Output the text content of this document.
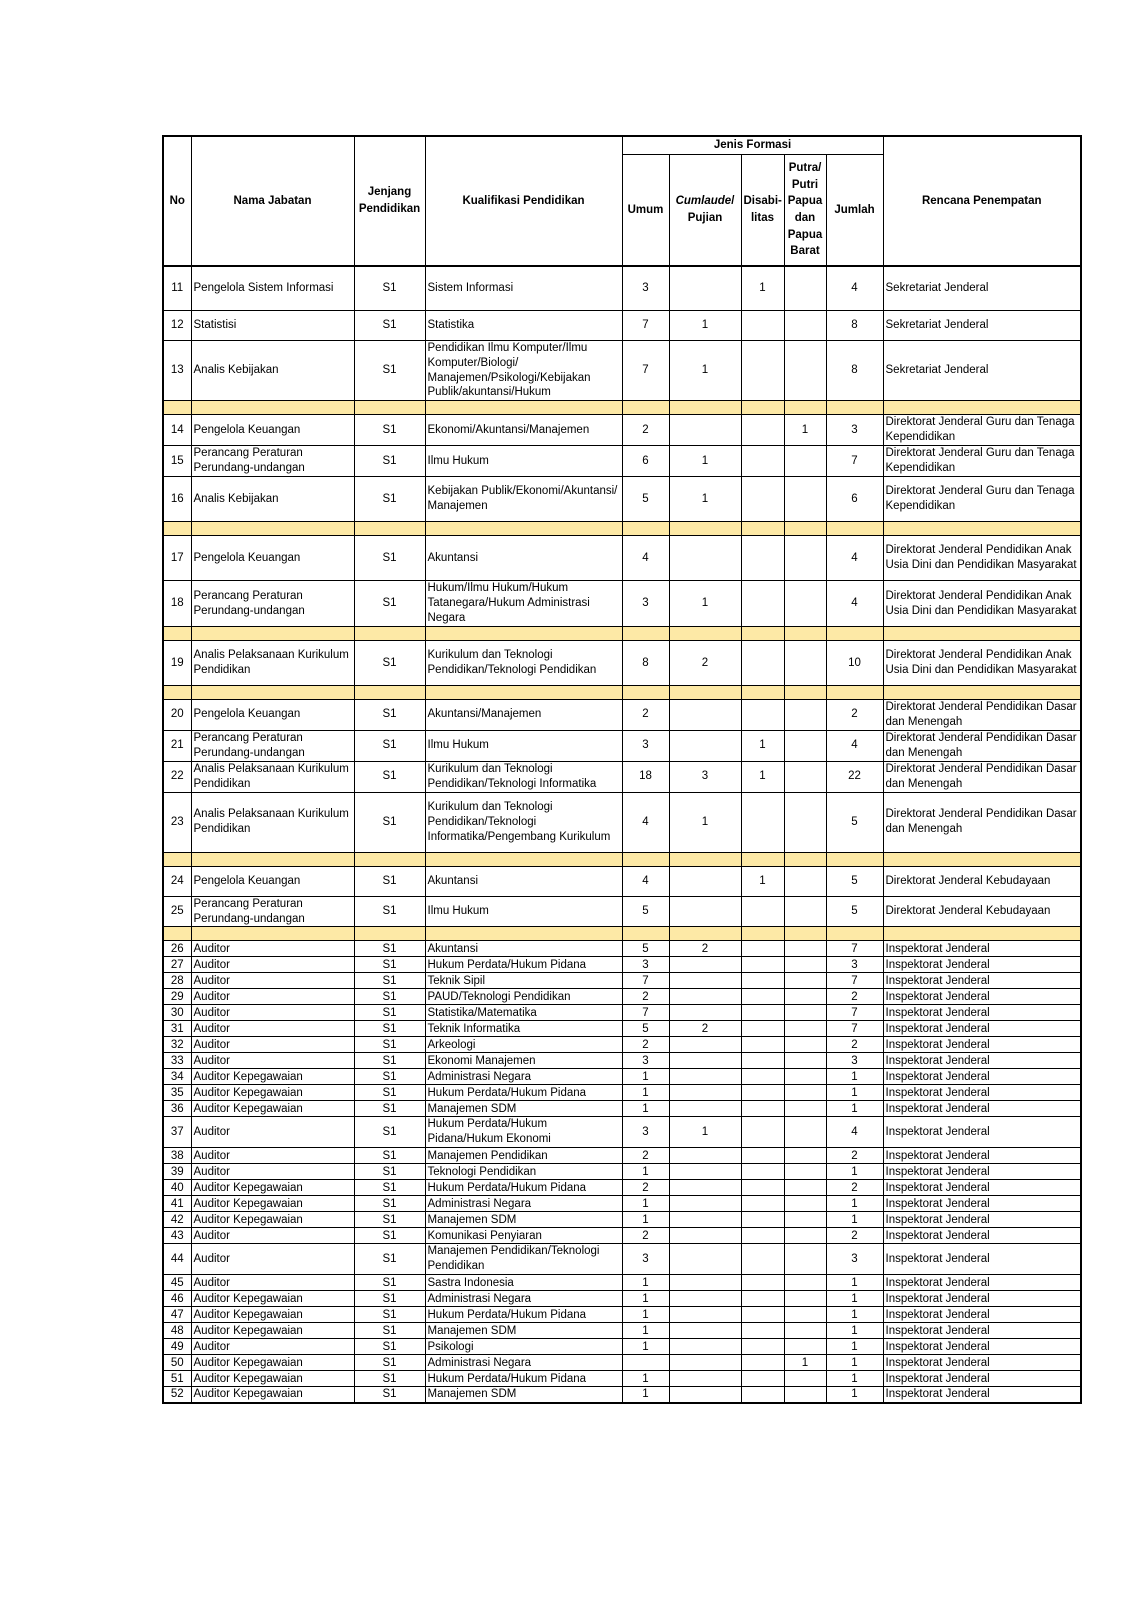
No	Nama Jabatan	Jenjang Pendidikan	Kualifikasi Pendidikan	Jenis Formasi					Rencana Penempatan
				Umum	Cumlaude/ Pujian	Disabi-litas	Putra/ Putri Papua dan Papua Barat	Jumlah	
11	Pengelola Sistem Informasi	S1	Sistem Informasi	3		1		4	Sekretariat Jenderal
12	Statistisi	S1	Statistika	7	1			8	Sekretariat Jenderal
13	Analis Kebijakan	S1	Pendidikan Ilmu Komputer/Ilmu Komputer/Biologi/ Manajemen/Psikologi/Kebijakan Publik/akuntansi/Hukum	7	1			8	Sekretariat Jenderal

14	Pengelola Keuangan	S1	Ekonomi/Akuntansi/Manajemen	2			1	3	Direktorat Jenderal Guru dan Tenaga Kependidikan
15	Perancang Peraturan Perundang-undangan	S1	Ilmu Hukum	6	1			7	Direktorat Jenderal Guru dan Tenaga Kependidikan
16	Analis Kebijakan	S1	Kebijakan Publik/Ekonomi/Akuntansi/ Manajemen	5	1			6	Direktorat Jenderal Guru dan Tenaga Kependidikan

17	Pengelola Keuangan	S1	Akuntansi	4				4	Direktorat Jenderal Pendidikan Anak Usia Dini dan Pendidikan Masyarakat
18	Perancang Peraturan Perundang-undangan	S1	Hukum/Ilmu Hukum/Hukum Tatanegara/Hukum Administrasi Negara	3	1			4	Direktorat Jenderal Pendidikan Anak Usia Dini dan Pendidikan Masyarakat

19	Analis Pelaksanaan Kurikulum Pendidikan	S1	Kurikulum dan Teknologi Pendidikan/Teknologi Pendidikan	8	2			10	Direktorat Jenderal Pendidikan Anak Usia Dini dan Pendidikan Masyarakat

20	Pengelola Keuangan	S1	Akuntansi/Manajemen	2				2	Direktorat Jenderal Pendidikan Dasar dan Menengah
21	Perancang Peraturan Perundang-undangan	S1	Ilmu Hukum	3		1		4	Direktorat Jenderal Pendidikan Dasar dan Menengah
22	Analis Pelaksanaan Kurikulum Pendidikan	S1	Kurikulum dan Teknologi Pendidikan/Teknologi Informatika	18	3	1		22	Direktorat Jenderal Pendidikan Dasar dan Menengah
23	Analis Pelaksanaan Kurikulum Pendidikan	S1	Kurikulum dan Teknologi Pendidikan/Teknologi Informatika/Pengembang Kurikulum	4	1			5	Direktorat Jenderal Pendidikan Dasar dan Menengah

24	Pengelola Keuangan	S1	Akuntansi	4		1		5	Direktorat Jenderal Kebudayaan
25	Perancang Peraturan Perundang-undangan	S1	Ilmu Hukum	5				5	Direktorat Jenderal Kebudayaan

26	Auditor	S1	Akuntansi	5	2			7	Inspektorat Jenderal
27	Auditor	S1	Hukum Perdata/Hukum Pidana	3				3	Inspektorat Jenderal
28	Auditor	S1	Teknik Sipil	7				7	Inspektorat Jenderal
29	Auditor	S1	PAUD/Teknologi Pendidikan	2				2	Inspektorat Jenderal
30	Auditor	S1	Statistika/Matematika	7				7	Inspektorat Jenderal
31	Auditor	S1	Teknik Informatika	5	2			7	Inspektorat Jenderal
32	Auditor	S1	Arkeologi	2				2	Inspektorat Jenderal
33	Auditor	S1	Ekonomi Manajemen	3				3	Inspektorat Jenderal
34	Auditor Kepegawaian	S1	Administrasi Negara	1				1	Inspektorat Jenderal
35	Auditor Kepegawaian	S1	Hukum Perdata/Hukum Pidana	1				1	Inspektorat Jenderal
36	Auditor Kepegawaian	S1	Manajemen SDM	1				1	Inspektorat Jenderal
37	Auditor	S1	Hukum Perdata/Hukum Pidana/Hukum Ekonomi	3	1			4	Inspektorat Jenderal
38	Auditor	S1	Manajemen Pendidikan	2				2	Inspektorat Jenderal
39	Auditor	S1	Teknologi Pendidikan	1				1	Inspektorat Jenderal
40	Auditor Kepegawaian	S1	Hukum Perdata/Hukum Pidana	2				2	Inspektorat Jenderal
41	Auditor Kepegawaian	S1	Administrasi Negara	1				1	Inspektorat Jenderal
42	Auditor Kepegawaian	S1	Manajemen SDM	1				1	Inspektorat Jenderal
43	Auditor	S1	Komunikasi Penyiaran	2				2	Inspektorat Jenderal
44	Auditor	S1	Manajemen Pendidikan/Teknologi Pendidikan	3				3	Inspektorat Jenderal
45	Auditor	S1	Sastra Indonesia	1				1	Inspektorat Jenderal
46	Auditor Kepegawaian	S1	Administrasi Negara	1				1	Inspektorat Jenderal
47	Auditor Kepegawaian	S1	Hukum Perdata/Hukum Pidana	1				1	Inspektorat Jenderal
48	Auditor Kepegawaian	S1	Manajemen SDM	1				1	Inspektorat Jenderal
49	Auditor	S1	Psikologi	1				1	Inspektorat Jenderal
50	Auditor Kepegawaian	S1	Administrasi Negara				1	1	Inspektorat Jenderal
51	Auditor Kepegawaian	S1	Hukum Perdata/Hukum Pidana	1				1	Inspektorat Jenderal
52	Auditor Kepegawaian	S1	Manajemen SDM	1				1	Inspektorat Jenderal
